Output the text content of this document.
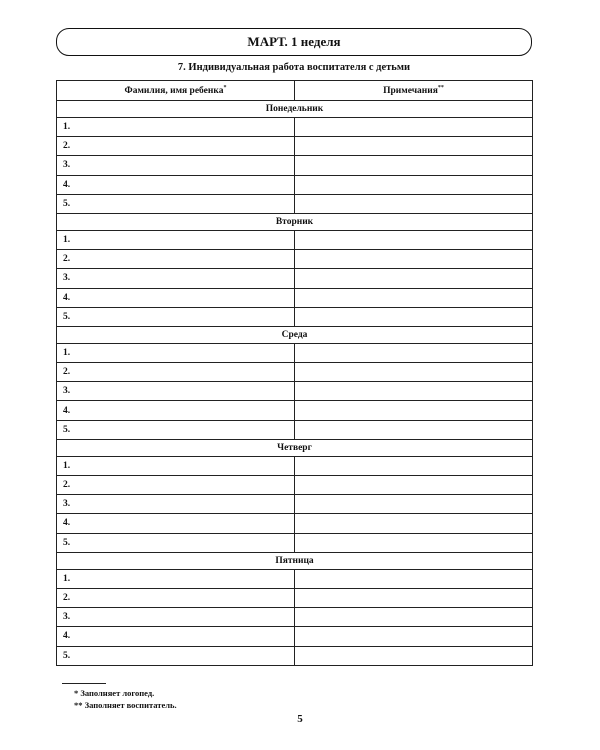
МАРТ. 1 неделя
7. Индивидуальная работа воспитателя с детьми
Фамилия, имя ребенка*	Примечания**
Понедельник	
1.	
2.	
3.	
4.	
5.	
Вторник	
1.	
2.	
3.	
4.	
5.	
Среда	
1.	
2.	
3.	
4.	
5.	
Четверг	
1.	
2.	
3.	
4.	
5.	
Пятница	
1.	
2.	
3.	
4.	
5.	
* Заполняет логопед.
** Заполняет воспитатель.
5
